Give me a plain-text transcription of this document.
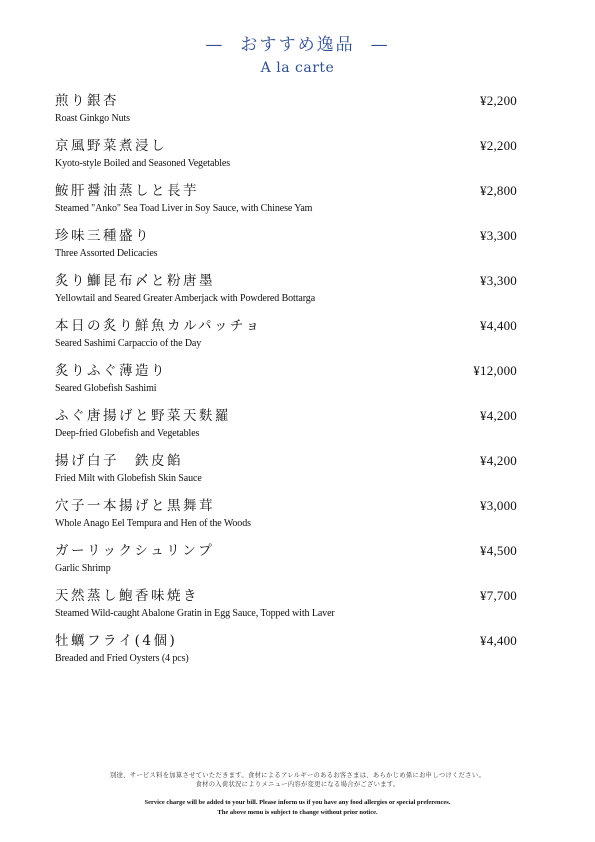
— おすすめ逸品 —
A la carte
煎り銀杏
Roast Ginkgo Nuts
¥2,200
京風野菜煮浸し
Kyoto-style Boiled and Seasoned Vegetables
¥2,200
鮟肝醤油蒸しと長芋
Steamed "Anko" Sea Toad Liver in Soy Sauce, with Chinese Yam
¥2,800
珍味三種盛り
Three Assorted Delicacies
¥3,300
炙り鰤昆布〆と粉唐墨
Yellowtail and Seared Greater Amberjack with Powdered Bottarga
¥3,300
本日の炙り鮮魚カルパッチョ
Seared Sashimi Carpaccio of the Day
¥4,400
炙りふぐ薄造り
Seared Globefish Sashimi
¥12,000
ふぐ唐揚げと野菜天麩羅
Deep-fried Globefish and Vegetables
¥4,200
揚げ白子　鉄皮餡
Fried Milt with Globefish Skin Sauce
¥4,200
穴子一本揚げと黒舞茸
Whole Anago Eel Tempura and Hen of the Woods
¥3,000
ガーリックシュリンプ
Garlic Shrimp
¥4,500
天然蒸し鮑香味焼き
Steamed Wild-caught Abalone Gratin in Egg Sauce, Topped with Laver
¥7,700
牡蠣フライ(4個)
Breaded and Fried Oysters (4 pcs)
¥4,400
別途、サービス料を加算させていただきます。食材によるアレルギーのあるお客さまは、あらかじめ係にお申しつけください。
食材の入荷状況によりメニュー内容が変更になる場合がございます。
Service charge will be added to your bill. Please inform us if you have any food allergies or special preferences.
The above menu is subject to change without prior notice.
